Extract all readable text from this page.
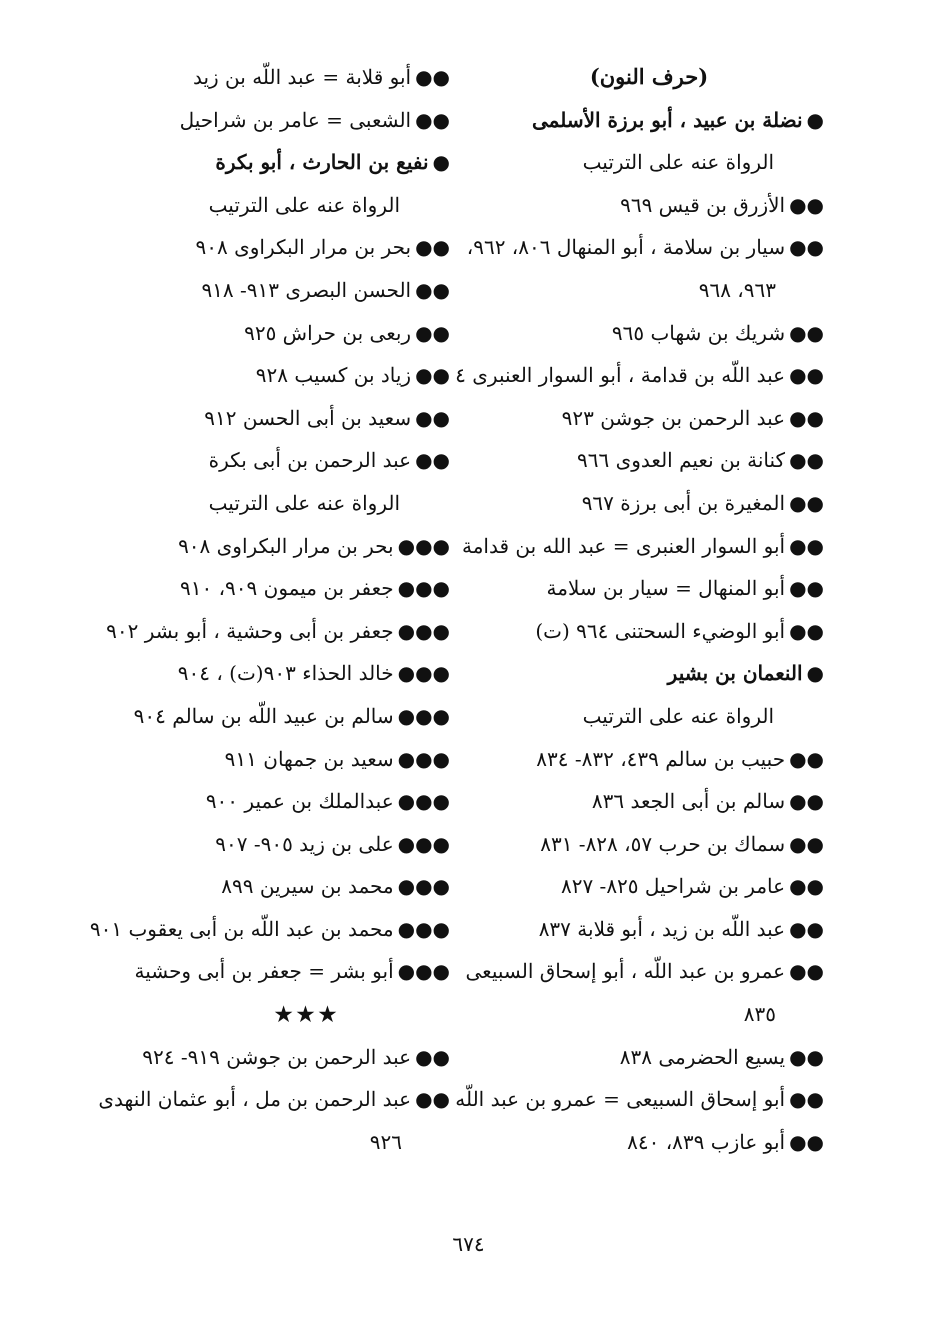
(حرف النون)
●نضلة بن عبيد ، أبو برزة الأسلمى
الرواة عنه على الترتيب
●●الأزرق بن قيس ٩٦٩
●●سيار بن سلامة ، أبو المنهال ٨٠٦، ٩٦٢،
٩٦٣، ٩٦٨
●●شريك بن شهاب ٩٦٥
●●عبد اللّه بن قدامة ، أبو السوار العنبرى ٤
●●عبد الرحمن بن جوشن ٩٢٣
●●كنانة بن نعيم العدوى ٩٦٦
●●المغيرة بن أبى برزة ٩٦٧
●●أبو السوار العنبرى = عبد الله بن قدامة
●●أبو المنهال = سيار بن سلامة
●●أبو الوضيء السحتنى ٩٦٤ (ت)
●النعمان بن بشير
الرواة عنه على الترتيب
●●حبيب بن سالم ٤٣٩، ٨٣٢- ٨٣٤
●●سالم بن أبى الجعد ٨٣٦
●●سماك بن حرب ٥٧، ٨٢٨- ٨٣١
●●عامر بن شراحيل ٨٢٥- ٨٢٧
●●عبد اللّه بن زيد ، أبو قلابة ٨٣٧
●●عمرو بن عبد اللّه ، أبو إسحاق السبيعى
٨٣٥
●●يسيع الحضرمى ٨٣٨
●●أبو إسحاق السبيعى = عمرو بن عبد اللّه
●●أبو عازب ٨٣٩، ٨٤٠
●●أبو قلابة = عبد اللّه بن زيد
●●الشعبى = عامر بن شراحيل
●نفيع بن الحارث ، أبو بكرة
الرواة عنه على الترتيب
●●بحر بن مرار البكراوى ٩٠٨
●●الحسن البصرى ٩١٣- ٩١٨
●●ربعى بن حراش ٩٢٥
●●زياد بن كسيب ٩٢٨
●●سعيد بن أبى الحسن ٩١٢
●●عبد الرحمن بن أبى بكرة
الرواة عنه على الترتيب
●●●بحر بن مرار البكراوى ٩٠٨
●●●جعفر بن ميمون ٩٠٩، ٩١٠
●●●جعفر بن أبى وحشية ، أبو بشر ٩٠٢
●●●خالد الحذاء ٩٠٣(ت) ، ٩٠٤
●●●سالم بن عبيد اللّه بن سالم ٩٠٤
●●●سعيد بن جمهان ٩١١
●●●عبدالملك بن عمير ٩٠٠
●●●على بن زيد ٩٠٥- ٩٠٧
●●●محمد بن سيرين ٨٩٩
●●●محمد بن عبد اللّه بن أبى يعقوب ٩٠١
●●●أبو بشر = جعفر بن أبى وحشية
★★★
●●عبد الرحمن بن جوشن ٩١٩- ٩٢٤
●●عبد الرحمن بن مل ، أبو عثمان النهدى
٩٢٦
٦٧٤
